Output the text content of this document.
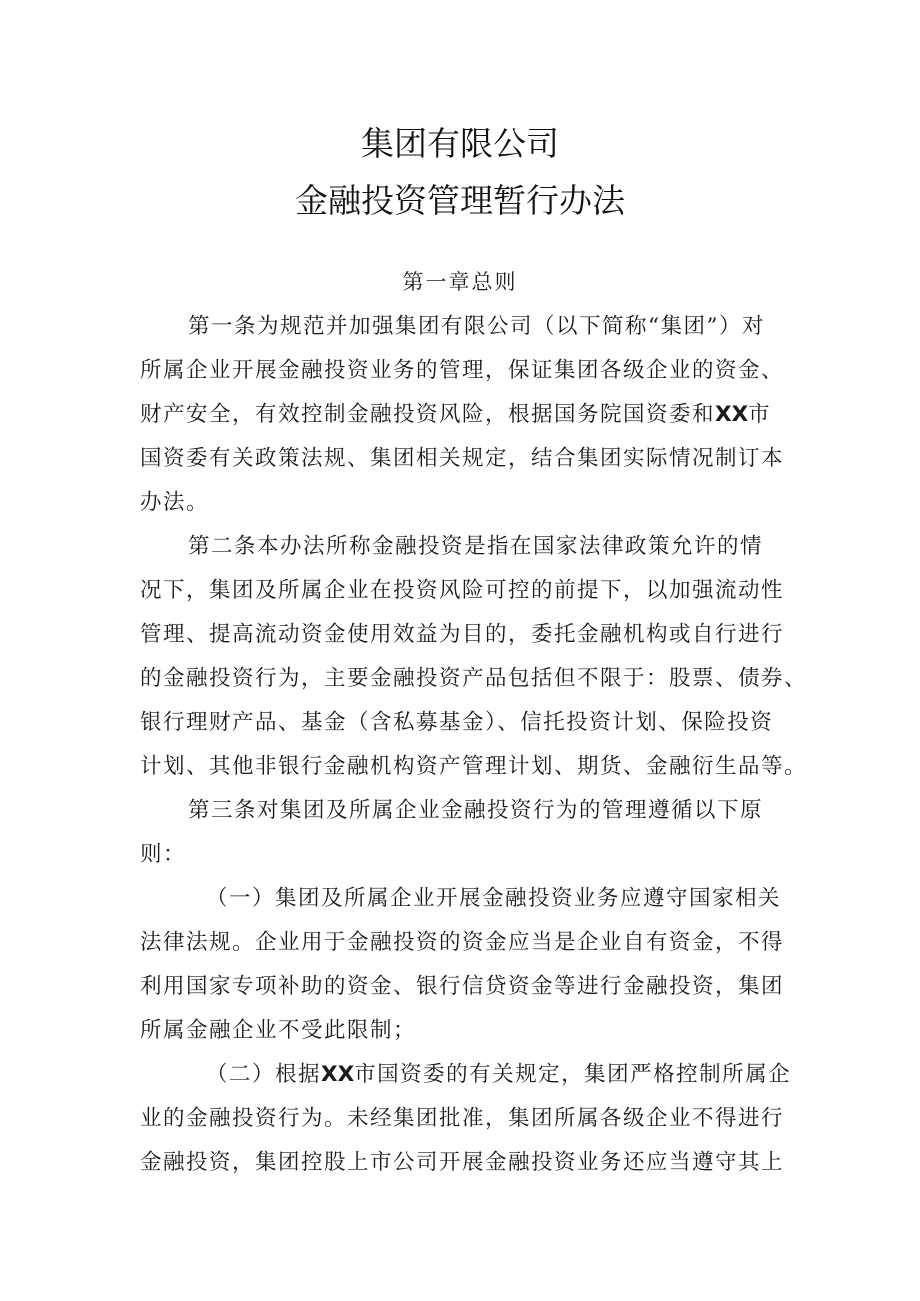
集团有限公司
金融投资管理暂行办法
第一章总则
第一条为规范并加强集团有限公司（以下简称“集团”）对
所属企业开展金融投资业务的管理，保证集团各级企业的资金、
财产安全，有效控制金融投资风险，根据国务院国资委和XX市
国资委有关政策法规、集团相关规定，结合集团实际情况制订本
办法。
第二条本办法所称金融投资是指在国家法律政策允许的情
况下，集团及所属企业在投资风险可控的前提下，以加强流动性
管理、提高流动资金使用效益为目的，委托金融机构或自行进行
的金融投资行为，主要金融投资产品包括但不限于：股票、债券、
银行理财产品、基金（含私募基金）、信托投资计划、保险投资
计划、其他非银行金融机构资产管理计划、期货、金融衍生品等。
第三条对集团及所属企业金融投资行为的管理遵循以下原
则：
（一）集团及所属企业开展金融投资业务应遵守国家相关
法律法规。企业用于金融投资的资金应当是企业自有资金，不得
利用国家专项补助的资金、银行信贷资金等进行金融投资，集团
所属金融企业不受此限制；
（二）根据XX市国资委的有关规定，集团严格控制所属企
业的金融投资行为。未经集团批准，集团所属各级企业不得进行
金融投资，集团控股上市公司开展金融投资业务还应当遵守其上
